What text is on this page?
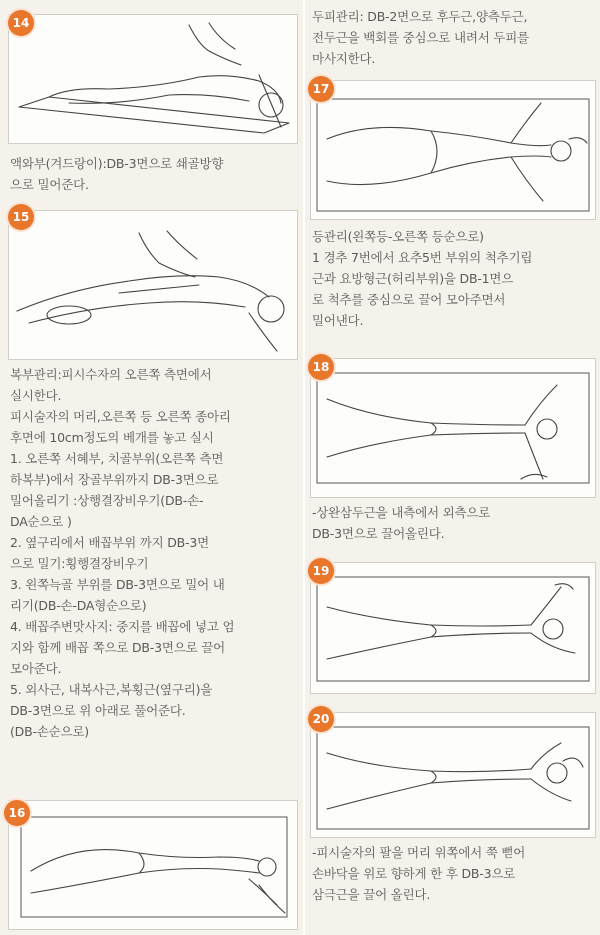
14
액와부(겨드랑이):DB-3면으로 쇄골방향
으로 밀어준다.
15
복부관리:피시수자의 오른쪽 측면에서
실시한다.
피시술자의 머리,오른쪽 등 오른쪽 종아리
후면에 10cm정도의 베개를 놓고 실시
1. 오른쪽 서혜부, 치골부위(오른쪽 측면
하복부)에서 장골부위까지 DB-3면으로
밀어올리기 :상행결장비우기(DB-손-
DA순으로 )
2. 옆구리에서 배꼽부위 까지 DB-3면
으로 밀기:횡행결장비우기
3. 왼쪽늑골 부위를 DB-3면으로 밀어 내
리기(DB-손-DA형순으로)
4. 배꼽주변맛사지: 중지를 배꼽에 넣고 엄
지와 함께 배꼽 쪽으로 DB-3면으로 끌어
모아준다.
5. 외사근, 내복사근,복횡근(옆구리)을
DB-3면으로 위 아래로 풀어준다.
(DB-손순으로)
16
두피관리: DB-2면으로 후두근,양측두근,
전두근을 백회를 중심으로 내려서 두피를
마사지한다.
17
등관리(왼쪽등-오른쪽 등순으로)
1 경추 7번에서 요추5번 부위의 척추기립
근과 요방형근(허리부위)을 DB-1면으
로 척추를 중심으로 끌어 모아주면서
밀어낸다.
18
-상완삼두근을 내측에서 외측으로
DB-3면으로 끌어올린다.
19
20
-피시술자의 팔을 머리 위쪽에서 쭉 뻗어
손바닥을 위로 향하게 한 후 DB-3으로
삼극근을 끌어 올린다.
